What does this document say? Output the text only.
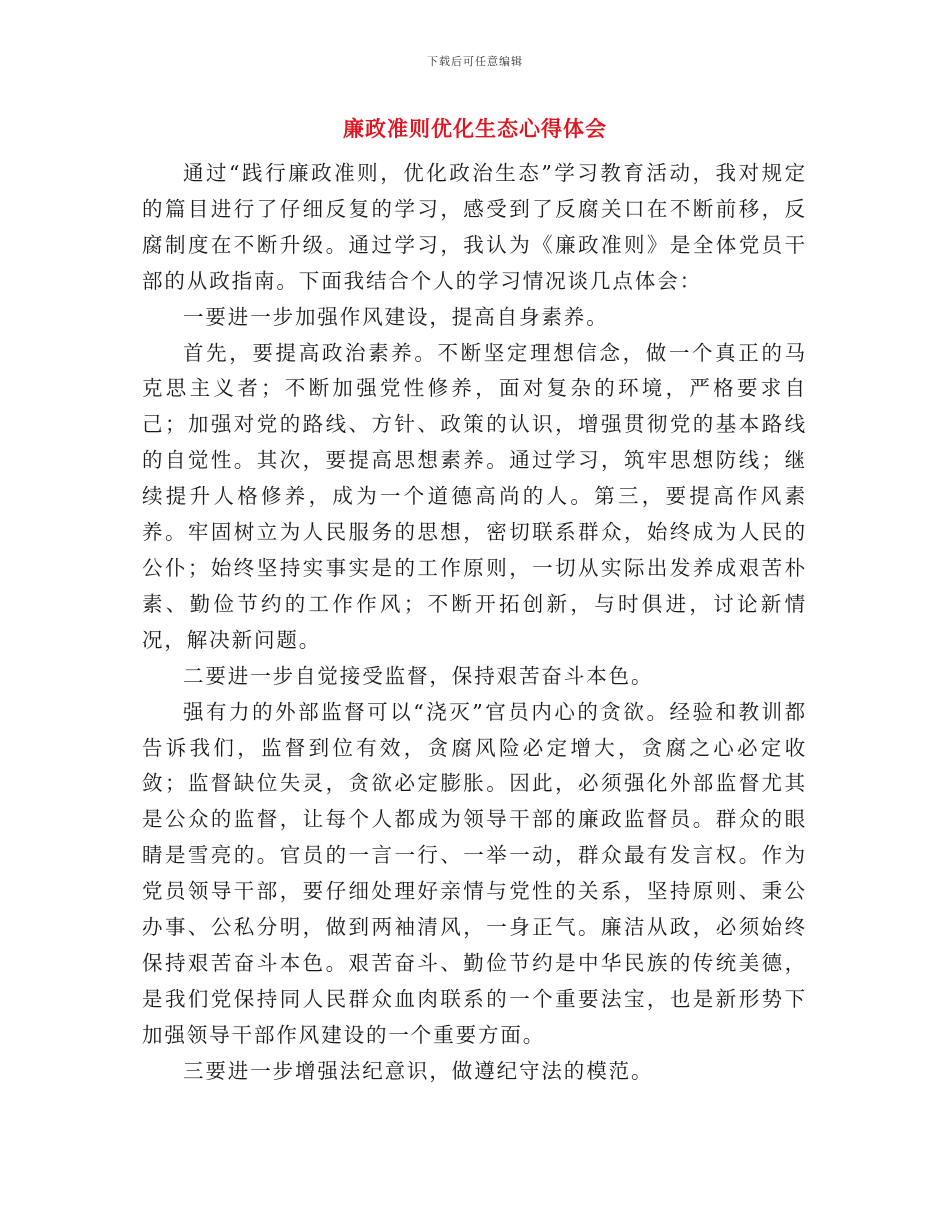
下载后可任意编辑
廉政准则优化生态心得体会

通过“践行廉政准则，优化政治生态”学习教育活动，我对规定的篇目进行了仔细反复的学习，感受到了反腐关口在不断前移，反腐制度在不断升级。通过学习，我认为《廉政准则》是全体党员干部的从政指南。下面我结合个人的学习情况谈几点体会：

一要进一步加强作风建设，提高自身素养。

首先，要提高政治素养。不断坚定理想信念，做一个真正的马克思主义者；不断加强党性修养，面对复杂的环境，严格要求自己；加强对党的路线、方针、政策的认识，增强贯彻党的基本路线的自觉性。其次，要提高思想素养。通过学习，筑牢思想防线；继续提升人格修养，成为一个道德高尚的人。第三，要提高作风素养。牢固树立为人民服务的思想，密切联系群众，始终成为人民的公仆；始终坚持实事实是的工作原则，一切从实际出发养成艰苦朴素、勤俭节约的工作作风；不断开拓创新，与时俱进，讨论新情况，解决新问题。

二要进一步自觉接受监督，保持艰苦奋斗本色。

强有力的外部监督可以“浇灭”官员内心的贪欲。经验和教训都告诉我们，监督到位有效，贪腐风险必定增大，贪腐之心必定收敛；监督缺位失灵，贪欲必定膨胀。因此，必须强化外部监督尤其是公众的监督，让每个人都成为领导干部的廉政监督员。群众的眼睛是雪亮的。官员的一言一行、一举一动，群众最有发言权。作为党员领导干部，要仔细处理好亲情与党性的关系，坚持原则、秉公办事、公私分明，做到两袖清风，一身正气。廉洁从政，必须始终保持艰苦奋斗本色。艰苦奋斗、勤俭节约是中华民族的传统美德，是我们党保持同人民群众血肉联系的一个重要法宝，也是新形势下加强领导干部作风建设的一个重要方面。

三要进一步增强法纪意识，做遵纪守法的模范。
